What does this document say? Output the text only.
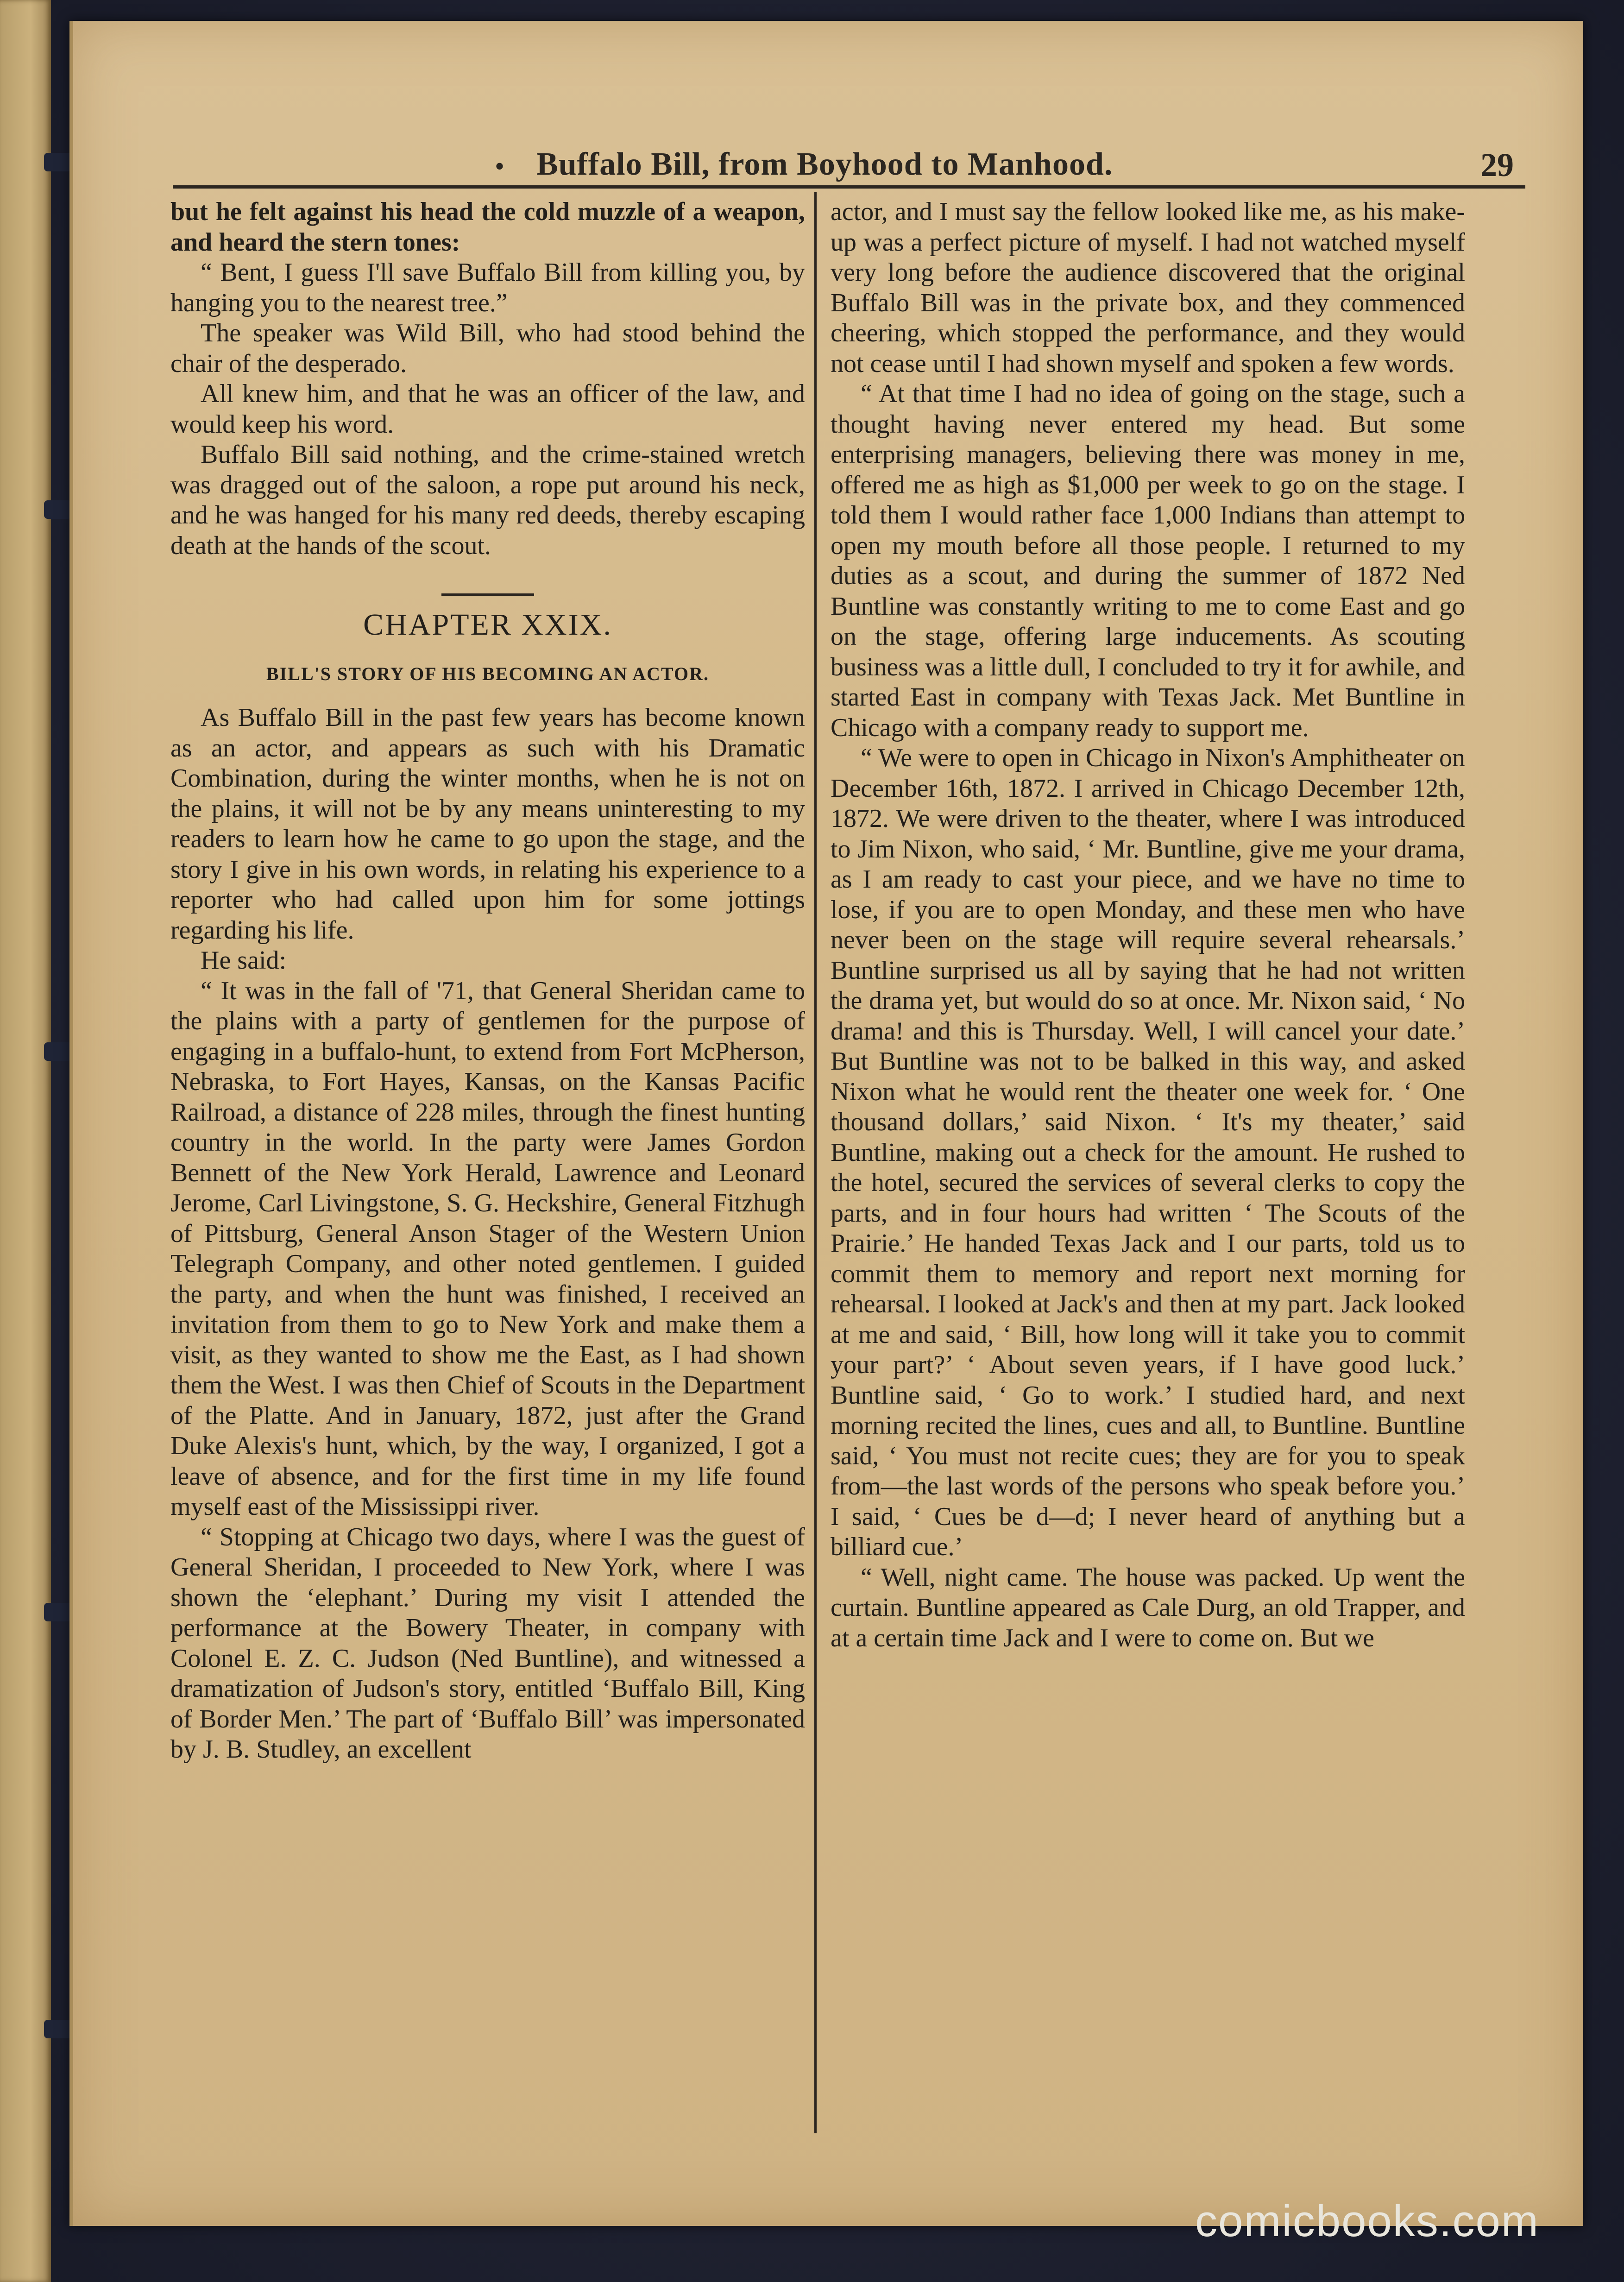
• Buffalo Bill, from Boyhood to Manhood.	29

but he felt against his head the cold muzzle of a weapon, and heard the stern tones:

“ Bent, I guess I'll save Buffalo Bill from killing you, by hanging you to the nearest tree.”

The speaker was Wild Bill, who had stood behind the chair of the desperado.

All knew him, and that he was an officer of the law, and would keep his word.

Buffalo Bill said nothing, and the crime-stained wretch was dragged out of the saloon, a rope put around his neck, and he was hanged for his many red deeds, thereby escaping death at the hands of the scout.

CHAPTER XXIX.
BILL'S STORY OF HIS BECOMING AN ACTOR.

As Buffalo Bill in the past few years has become known as an actor, and appears as such with his Dramatic Combination, during the winter months, when he is not on the plains, it will not be by any means uninteresting to my readers to learn how he came to go upon the stage, and the story I give in his own words, in relating his experience to a reporter who had called upon him for some jottings regarding his life.

He said:

“ It was in the fall of '71, that General Sheridan came to the plains with a party of gentlemen for the purpose of engaging in a buffalo-hunt, to extend from Fort McPherson, Nebraska, to Fort Hayes, Kansas, on the Kansas Pacific Railroad, a distance of 228 miles, through the finest hunting country in the world. In the party were James Gordon Bennett of the New York Herald, Lawrence and Leonard Jerome, Carl Livingstone, S. G. Heckshire, General Fitzhugh of Pittsburg, General Anson Stager of the Western Union Telegraph Company, and other noted gentlemen. I guided the party, and when the hunt was finished, I received an invitation from them to go to New York and make them a visit, as they wanted to show me the East, as I had shown them the West. I was then Chief of Scouts in the Department of the Platte. And in January, 1872, just after the Grand Duke Alexis's hunt, which, by the way, I organized, I got a leave of absence, and for the first time in my life found myself east of the Mississippi river.

“ Stopping at Chicago two days, where I was the guest of General Sheridan, I proceeded to New York, where I was shown the ‘elephant.’ During my visit I attended the performance at the Bowery Theater, in company with Colonel E. Z. C. Judson (Ned Buntline), and witnessed a dramatization of Judson's story, entitled ‘Buffalo Bill, King of Border Men.’ The part of ‘Buffalo Bill’ was impersonated by J. B. Studley, an excellent

actor, and I must say the fellow looked like me, as his make-up was a perfect picture of myself. I had not watched myself very long before the audience discovered that the original Buffalo Bill was in the private box, and they commenced cheering, which stopped the performance, and they would not cease until I had shown myself and spoken a few words.

“ At that time I had no idea of going on the stage, such a thought having never entered my head. But some enterprising managers, believing there was money in me, offered me as high as $1,000 per week to go on the stage. I told them I would rather face 1,000 Indians than attempt to open my mouth before all those people. I returned to my duties as a scout, and during the summer of 1872 Ned Buntline was constantly writing to me to come East and go on the stage, offering large inducements. As scouting business was a little dull, I concluded to try it for awhile, and started East in company with Texas Jack. Met Buntline in Chicago with a company ready to support me.

“ We were to open in Chicago in Nixon's Amphitheater on December 16th, 1872. I arrived in Chicago December 12th, 1872. We were driven to the theater, where I was introduced to Jim Nixon, who said, ‘ Mr. Buntline, give me your drama, as I am ready to cast your piece, and we have no time to lose, if you are to open Monday, and these men who have never been on the stage will require several rehearsals.’ Buntline surprised us all by saying that he had not written the drama yet, but would do so at once. Mr. Nixon said, ‘ No drama! and this is Thursday. Well, I will cancel your date.’ But Buntline was not to be balked in this way, and asked Nixon what he would rent the theater one week for. ‘ One thousand dollars,’ said Nixon. ‘ It's my theater,’ said Buntline, making out a check for the amount. He rushed to the hotel, secured the services of several clerks to copy the parts, and in four hours had written ‘ The Scouts of the Prairie.’ He handed Texas Jack and I our parts, told us to commit them to memory and report next morning for rehearsal. I looked at Jack's and then at my part. Jack looked at me and said, ‘ Bill, how long will it take you to commit your part?’ ‘ About seven years, if I have good luck.’ Buntline said, ‘ Go to work.’ I studied hard, and next morning recited the lines, cues and all, to Buntline. Buntline said, ‘ You must not recite cues; they are for you to speak from—the last words of the persons who speak before you.’ I said, ‘ Cues be d—d; I never heard of anything but a billiard cue.’

“ Well, night came. The house was packed. Up went the curtain. Buntline appeared as Cale Durg, an old Trapper, and at a certain time Jack and I were to come on. But we

comicbooks.com
